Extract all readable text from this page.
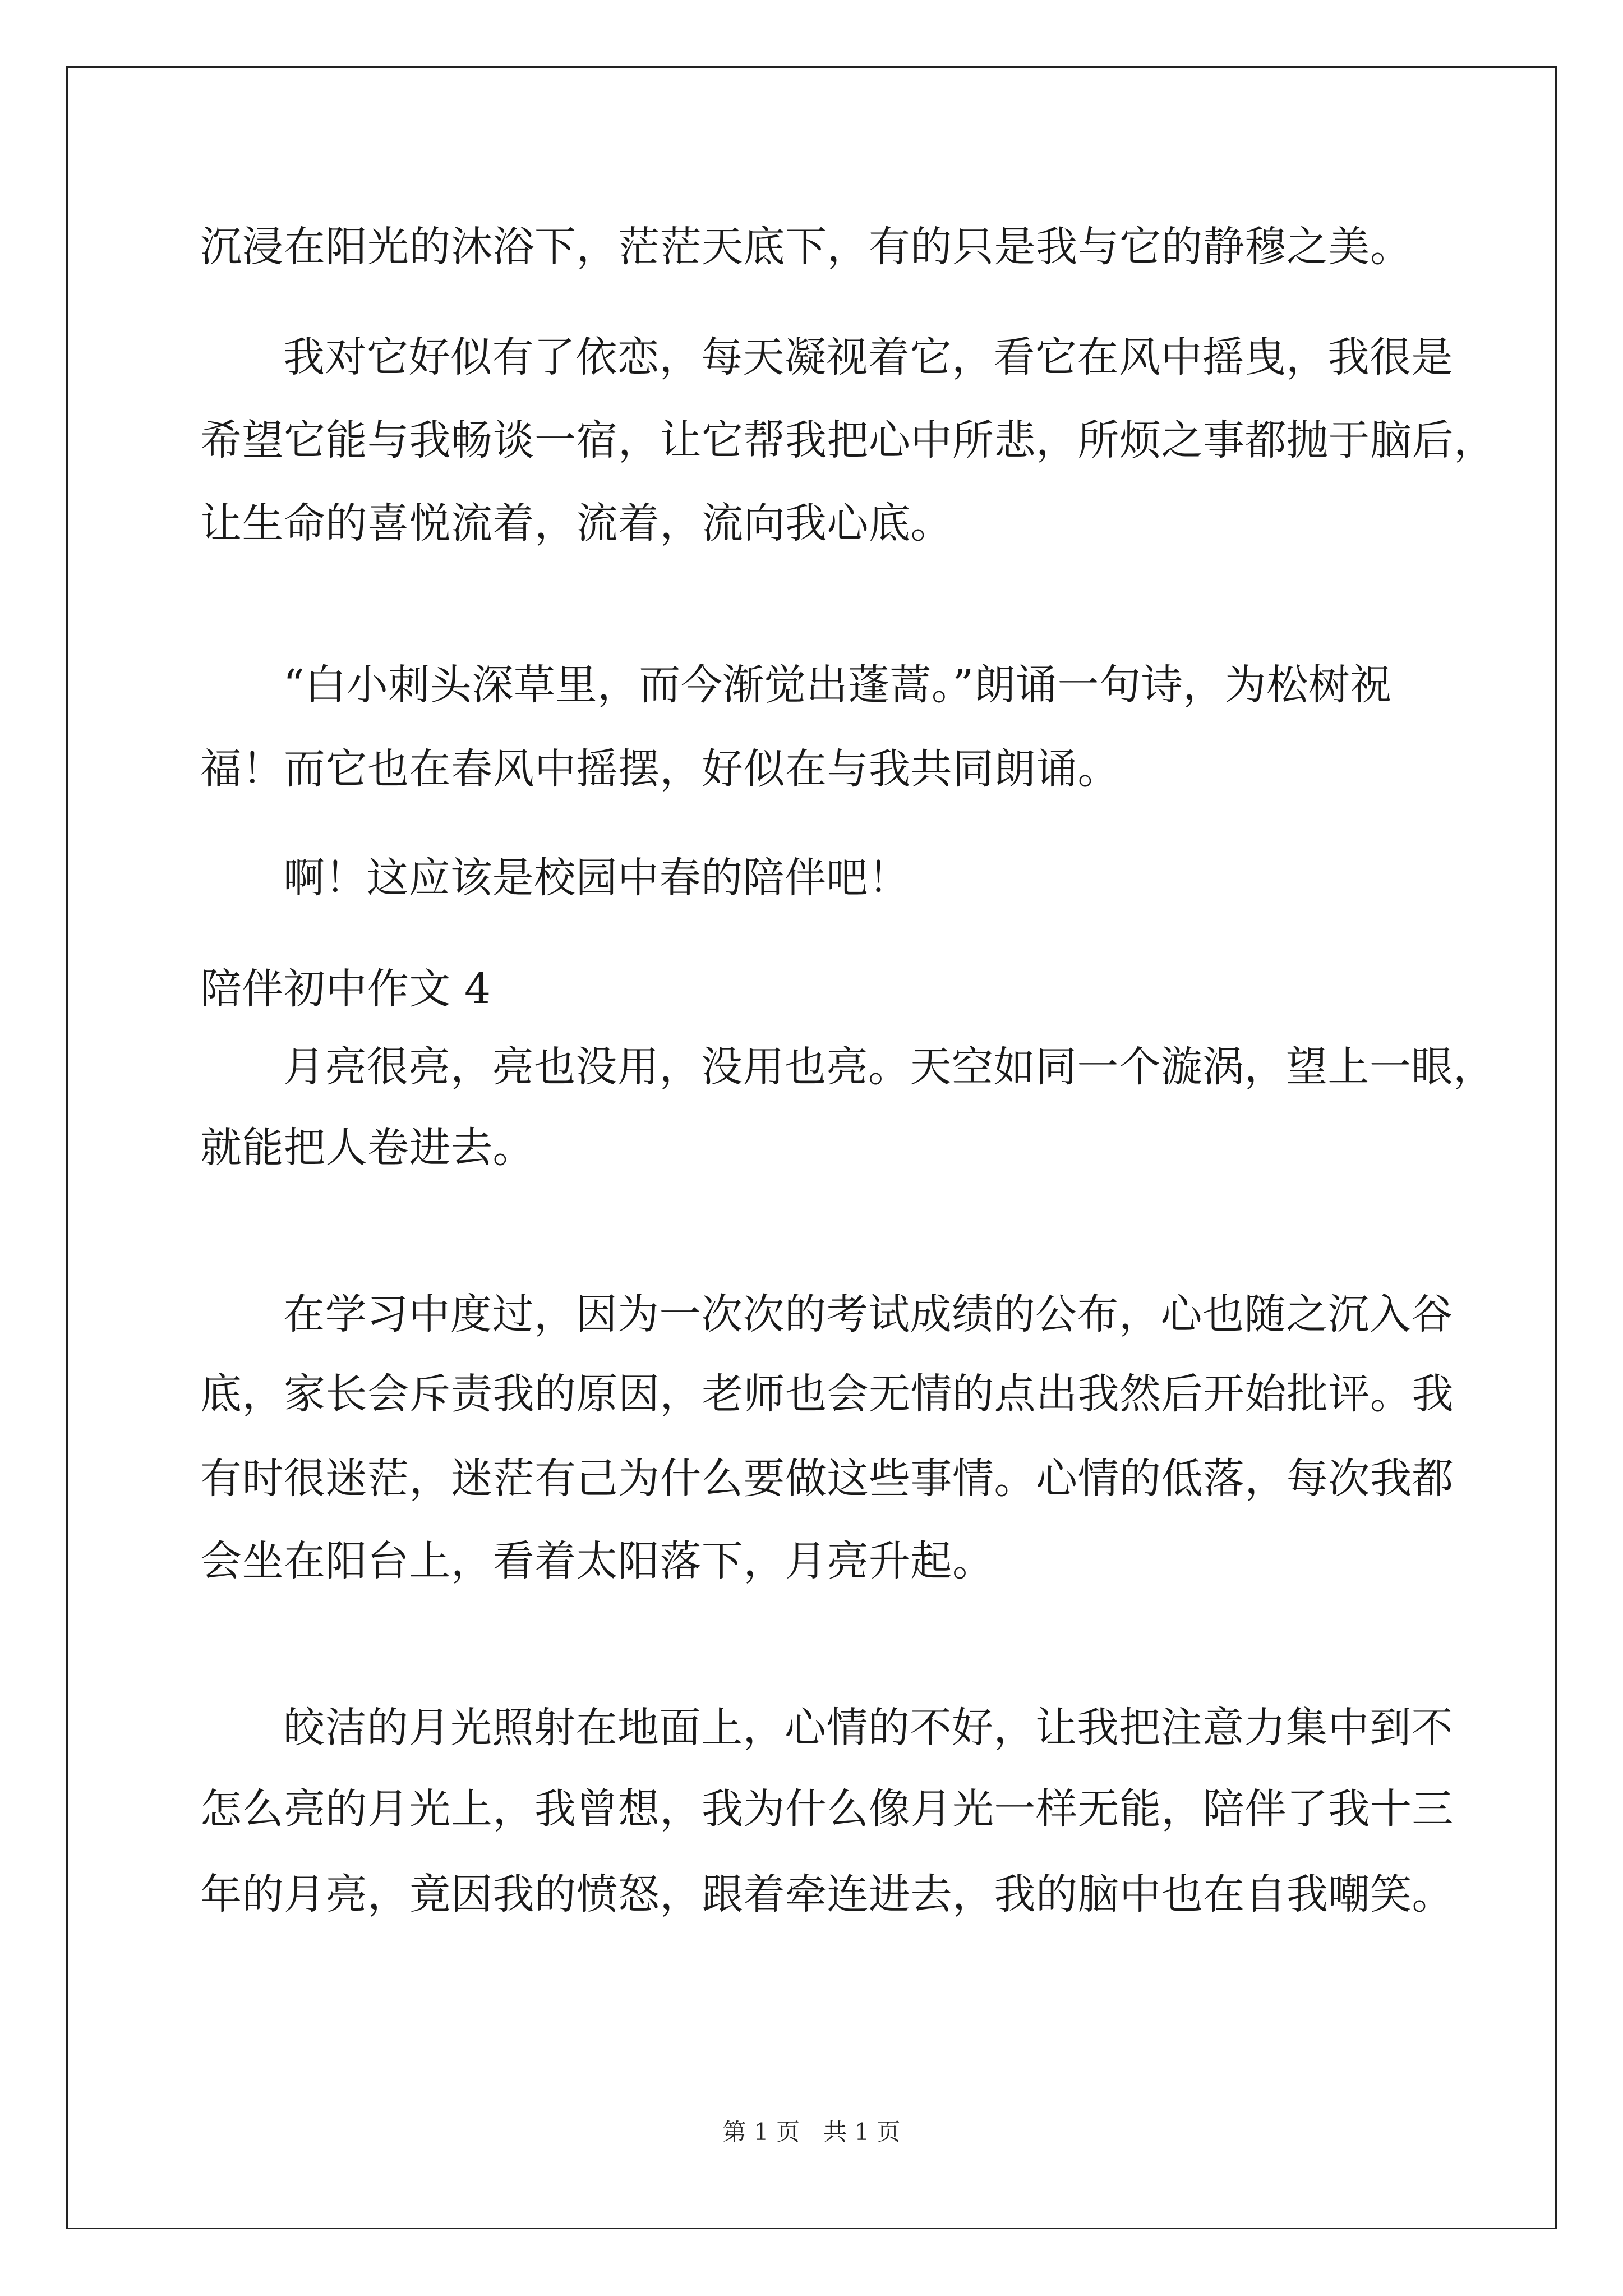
沉浸在阳光的沐浴下，茫茫天底下，有的只是我与它的静穆之美。
我对它好似有了依恋，每天凝视着它，看它在风中摇曳，我很是
希望它能与我畅谈一宿，让它帮我把心中所悲，所烦之事都抛于脑后，
让生命的喜悦流着，流着，流向我心底。
“白小刺头深草里，而今渐觉出蓬蒿。”朗诵一句诗，为松树祝
福！而它也在春风中摇摆，好似在与我共同朗诵。
啊！这应该是校园中春的陪伴吧！
陪伴初中作文 4
月亮很亮，亮也没用，没用也亮。天空如同一个漩涡，望上一眼，
就能把人卷进去。
在学习中度过，因为一次次的考试成绩的公布，心也随之沉入谷
底，家长会斥责我的原因，老师也会无情的点出我然后开始批评。我
有时很迷茫，迷茫有己为什么要做这些事情。心情的低落，每次我都
会坐在阳台上，看着太阳落下，月亮升起。
皎洁的月光照射在地面上，心情的不好，让我把注意力集中到不
怎么亮的月光上，我曾想，我为什么像月光一样无能，陪伴了我十三
年的月亮，竟因我的愤怒，跟着牵连进去，我的脑中也在自我嘲笑。
第 1 页　共 1 页
